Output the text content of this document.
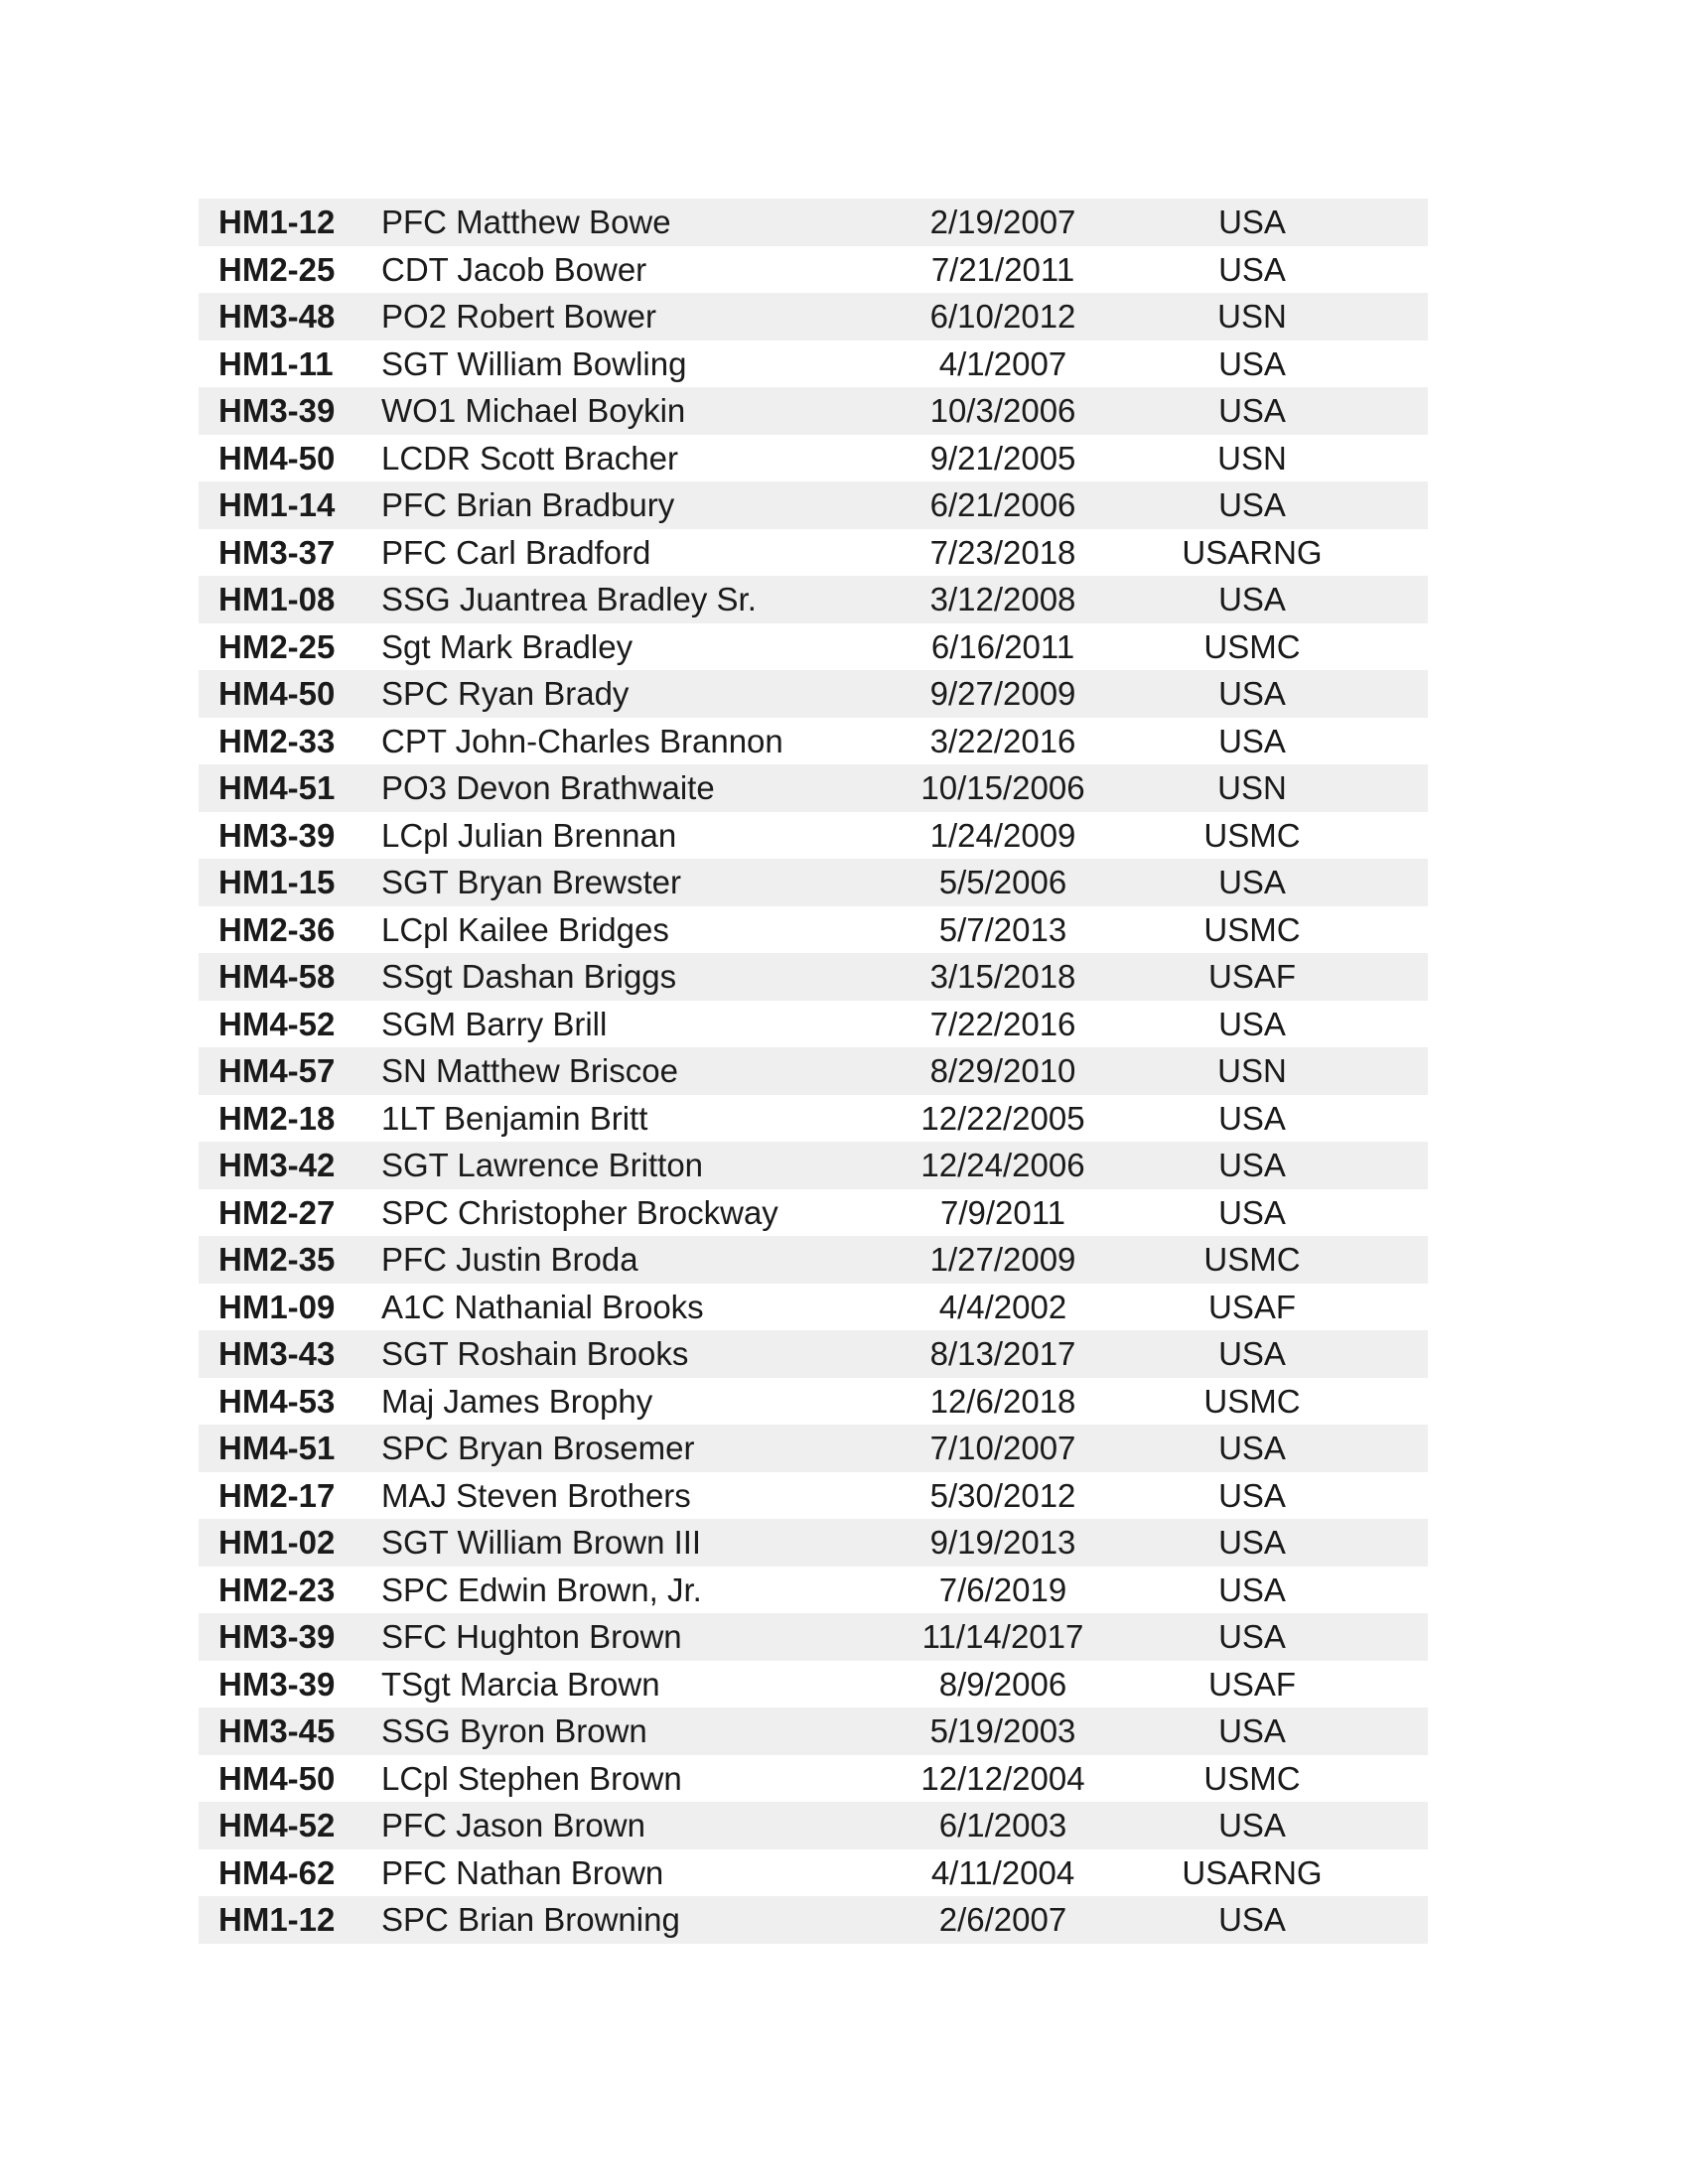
HM1-12	PFC Matthew Bowe	2/19/2007	USA
HM2-25	CDT Jacob Bower	7/21/2011	USA
HM3-48	PO2 Robert Bower	6/10/2012	USN
HM1-11	SGT William Bowling	4/1/2007	USA
HM3-39	WO1 Michael Boykin	10/3/2006	USA
HM4-50	LCDR Scott Bracher	9/21/2005	USN
HM1-14	PFC Brian Bradbury	6/21/2006	USA
HM3-37	PFC Carl Bradford	7/23/2018	USARNG
HM1-08	SSG Juantrea Bradley Sr.	3/12/2008	USA
HM2-25	Sgt Mark Bradley	6/16/2011	USMC
HM4-50	SPC Ryan Brady	9/27/2009	USA
HM2-33	CPT John-Charles Brannon	3/22/2016	USA
HM4-51	PO3 Devon Brathwaite	10/15/2006	USN
HM3-39	LCpl Julian Brennan	1/24/2009	USMC
HM1-15	SGT Bryan Brewster	5/5/2006	USA
HM2-36	LCpl Kailee Bridges	5/7/2013	USMC
HM4-58	SSgt Dashan Briggs	3/15/2018	USAF
HM4-52	SGM Barry Brill	7/22/2016	USA
HM4-57	SN Matthew Briscoe	8/29/2010	USN
HM2-18	1LT Benjamin Britt	12/22/2005	USA
HM3-42	SGT Lawrence Britton	12/24/2006	USA
HM2-27	SPC Christopher Brockway	7/9/2011	USA
HM2-35	PFC Justin Broda	1/27/2009	USMC
HM1-09	A1C Nathanial Brooks	4/4/2002	USAF
HM3-43	SGT Roshain Brooks	8/13/2017	USA
HM4-53	Maj James Brophy	12/6/2018	USMC
HM4-51	SPC Bryan Brosemer	7/10/2007	USA
HM2-17	MAJ Steven Brothers	5/30/2012	USA
HM1-02	SGT William Brown III	9/19/2013	USA
HM2-23	SPC Edwin Brown, Jr.	7/6/2019	USA
HM3-39	SFC Hughton Brown	11/14/2017	USA
HM3-39	TSgt Marcia Brown	8/9/2006	USAF
HM3-45	SSG Byron Brown	5/19/2003	USA
HM4-50	LCpl Stephen Brown	12/12/2004	USMC
HM4-52	PFC Jason Brown	6/1/2003	USA
HM4-62	PFC Nathan Brown	4/11/2004	USARNG
HM1-12	SPC Brian Browning	2/6/2007	USA
